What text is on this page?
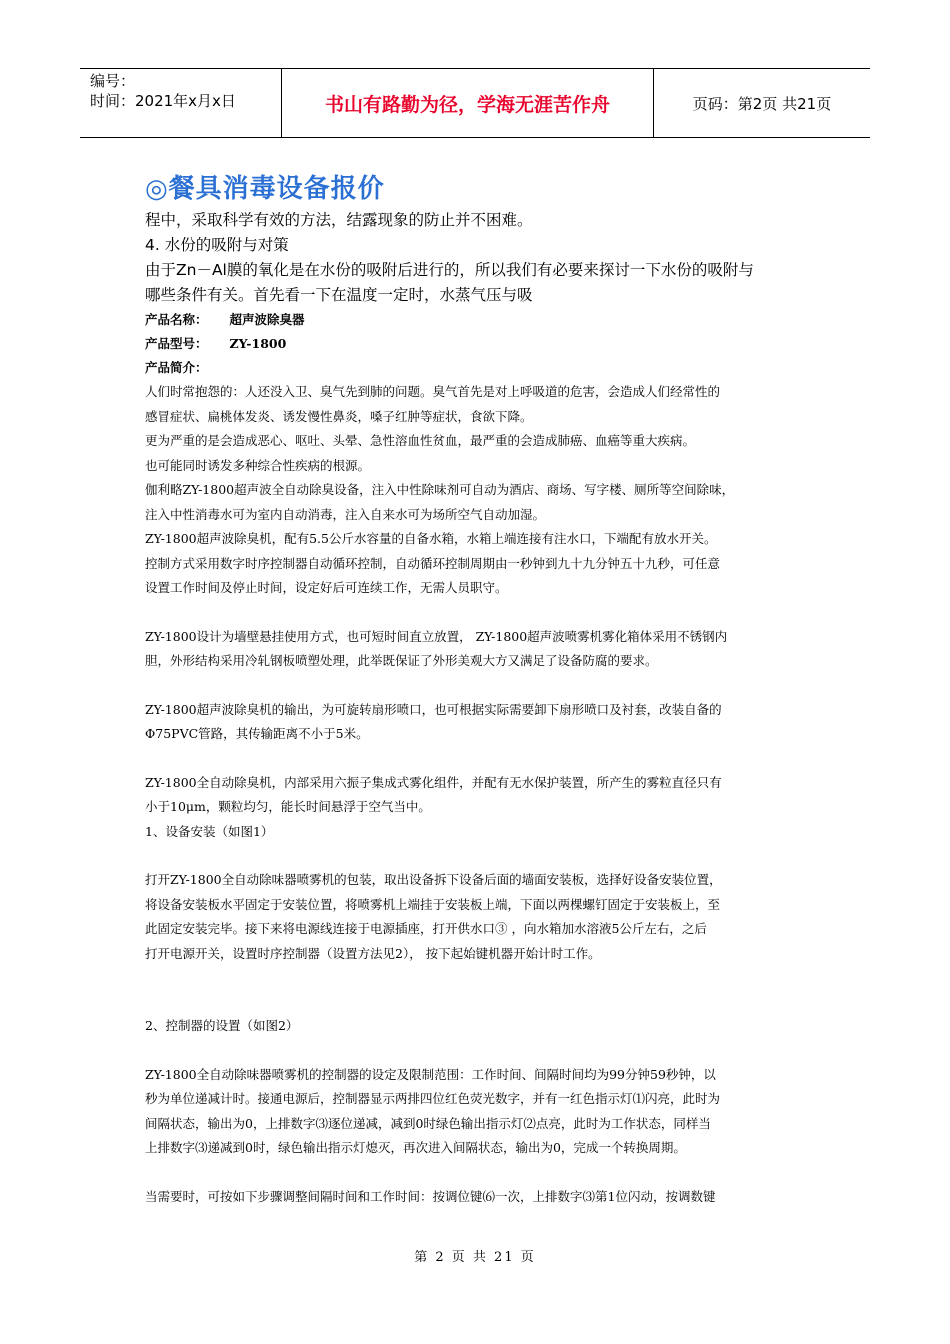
编号：
时间：2021年x月x日	书山有路勤为径，学海无涯苦作舟	页码：第2页 共21页
◎餐具消毒设备报价
程中，采取科学有效的方法，结露现象的防止并不困难。
4. 水份的吸附与对策
由于Zn－Al膜的氧化是在水份的吸附后进行的，所以我们有必要来探讨一下水份的吸附与
哪些条件有关。首先看一下在温度一定时，水蒸气压与吸
产品名称： 超声波除臭器
产品型号： ZY-1800
产品简介：
人们时常抱怨的：人还没入卫、臭气先到肺的问题。臭气首先是对上呼吸道的危害，会造成人们经常性的
感冒症状、扁桃体发炎、诱发慢性鼻炎，嗓子红肿等症状，食欲下降。
更为严重的是会造成恶心、呕吐、头晕、急性溶血性贫血，最严重的会造成肺癌、血癌等重大疾病。
也可能同时诱发多种综合性疾病的根源。
伽利略ZY-1800超声波全自动除臭设备，注入中性除味剂可自动为酒店、商场、写字楼、厕所等空间除味，
注入中性消毒水可为室内自动消毒，注入自来水可为场所空气自动加湿。
ZY-1800超声波除臭机，配有5.5公斤水容量的自备水箱，水箱上端连接有注水口，下端配有放水开关。
控制方式采用数字时序控制器自动循环控制，自动循环控制周期由一秒钟到九十九分钟五十九秒，可任意
设置工作时间及停止时间，设定好后可连续工作，无需人员职守。
ZY-1800设计为墙壁悬挂使用方式，也可短时间直立放置， ZY-1800超声波喷雾机雾化箱体采用不锈钢内
胆，外形结构采用冷轧钢板喷塑处理，此举既保证了外形美观大方又满足了设备防腐的要求。
ZY-1800超声波除臭机的输出，为可旋转扇形喷口，也可根据实际需要卸下扇形喷口及衬套，改装自备的
Φ75PVC管路，其传输距离不小于5米。
ZY-1800全自动除臭机，内部采用六振子集成式雾化组件，并配有无水保护装置，所产生的雾粒直径只有
小于10μm，颗粒均匀，能长时间悬浮于空气当中。
1、设备安装（如图1）
打开ZY-1800全自动除味器喷雾机的包装，取出设备拆下设备后面的墙面安装板，选择好设备安装位置，
将设备安装板水平固定于安装位置，将喷雾机上端挂于安装板上端，下面以两棵螺钉固定于安装板上，至
此固定安装完毕。接下来将电源线连接于电源插座，打开供水口③ ，向水箱加水溶液5公斤左右，之后
打开电源开关，设置时序控制器（设置方法见2）， 按下起始键机器开始计时工作。
2、控制器的设置（如图2）
ZY-1800全自动除味器喷雾机的控制器的设定及限制范围：工作时间、间隔时间均为99分钟59秒钟，以
秒为单位递减计时。接通电源后，控制器显示两排四位红色荧光数字，并有一红色指示灯⑴闪亮，此时为
间隔状态，输出为0，上排数字⑶逐位递减，减到0时绿色输出指示灯⑵点亮，此时为工作状态，同样当
上排数字⑶递减到0时，绿色输出指示灯熄灭，再次进入间隔状态，输出为0，完成一个转换周期。
当需要时，可按如下步骤调整间隔时间和工作时间：按调位键⑹一次，上排数字⑶第1位闪动，按调数键
第 2 页 共 21 页
